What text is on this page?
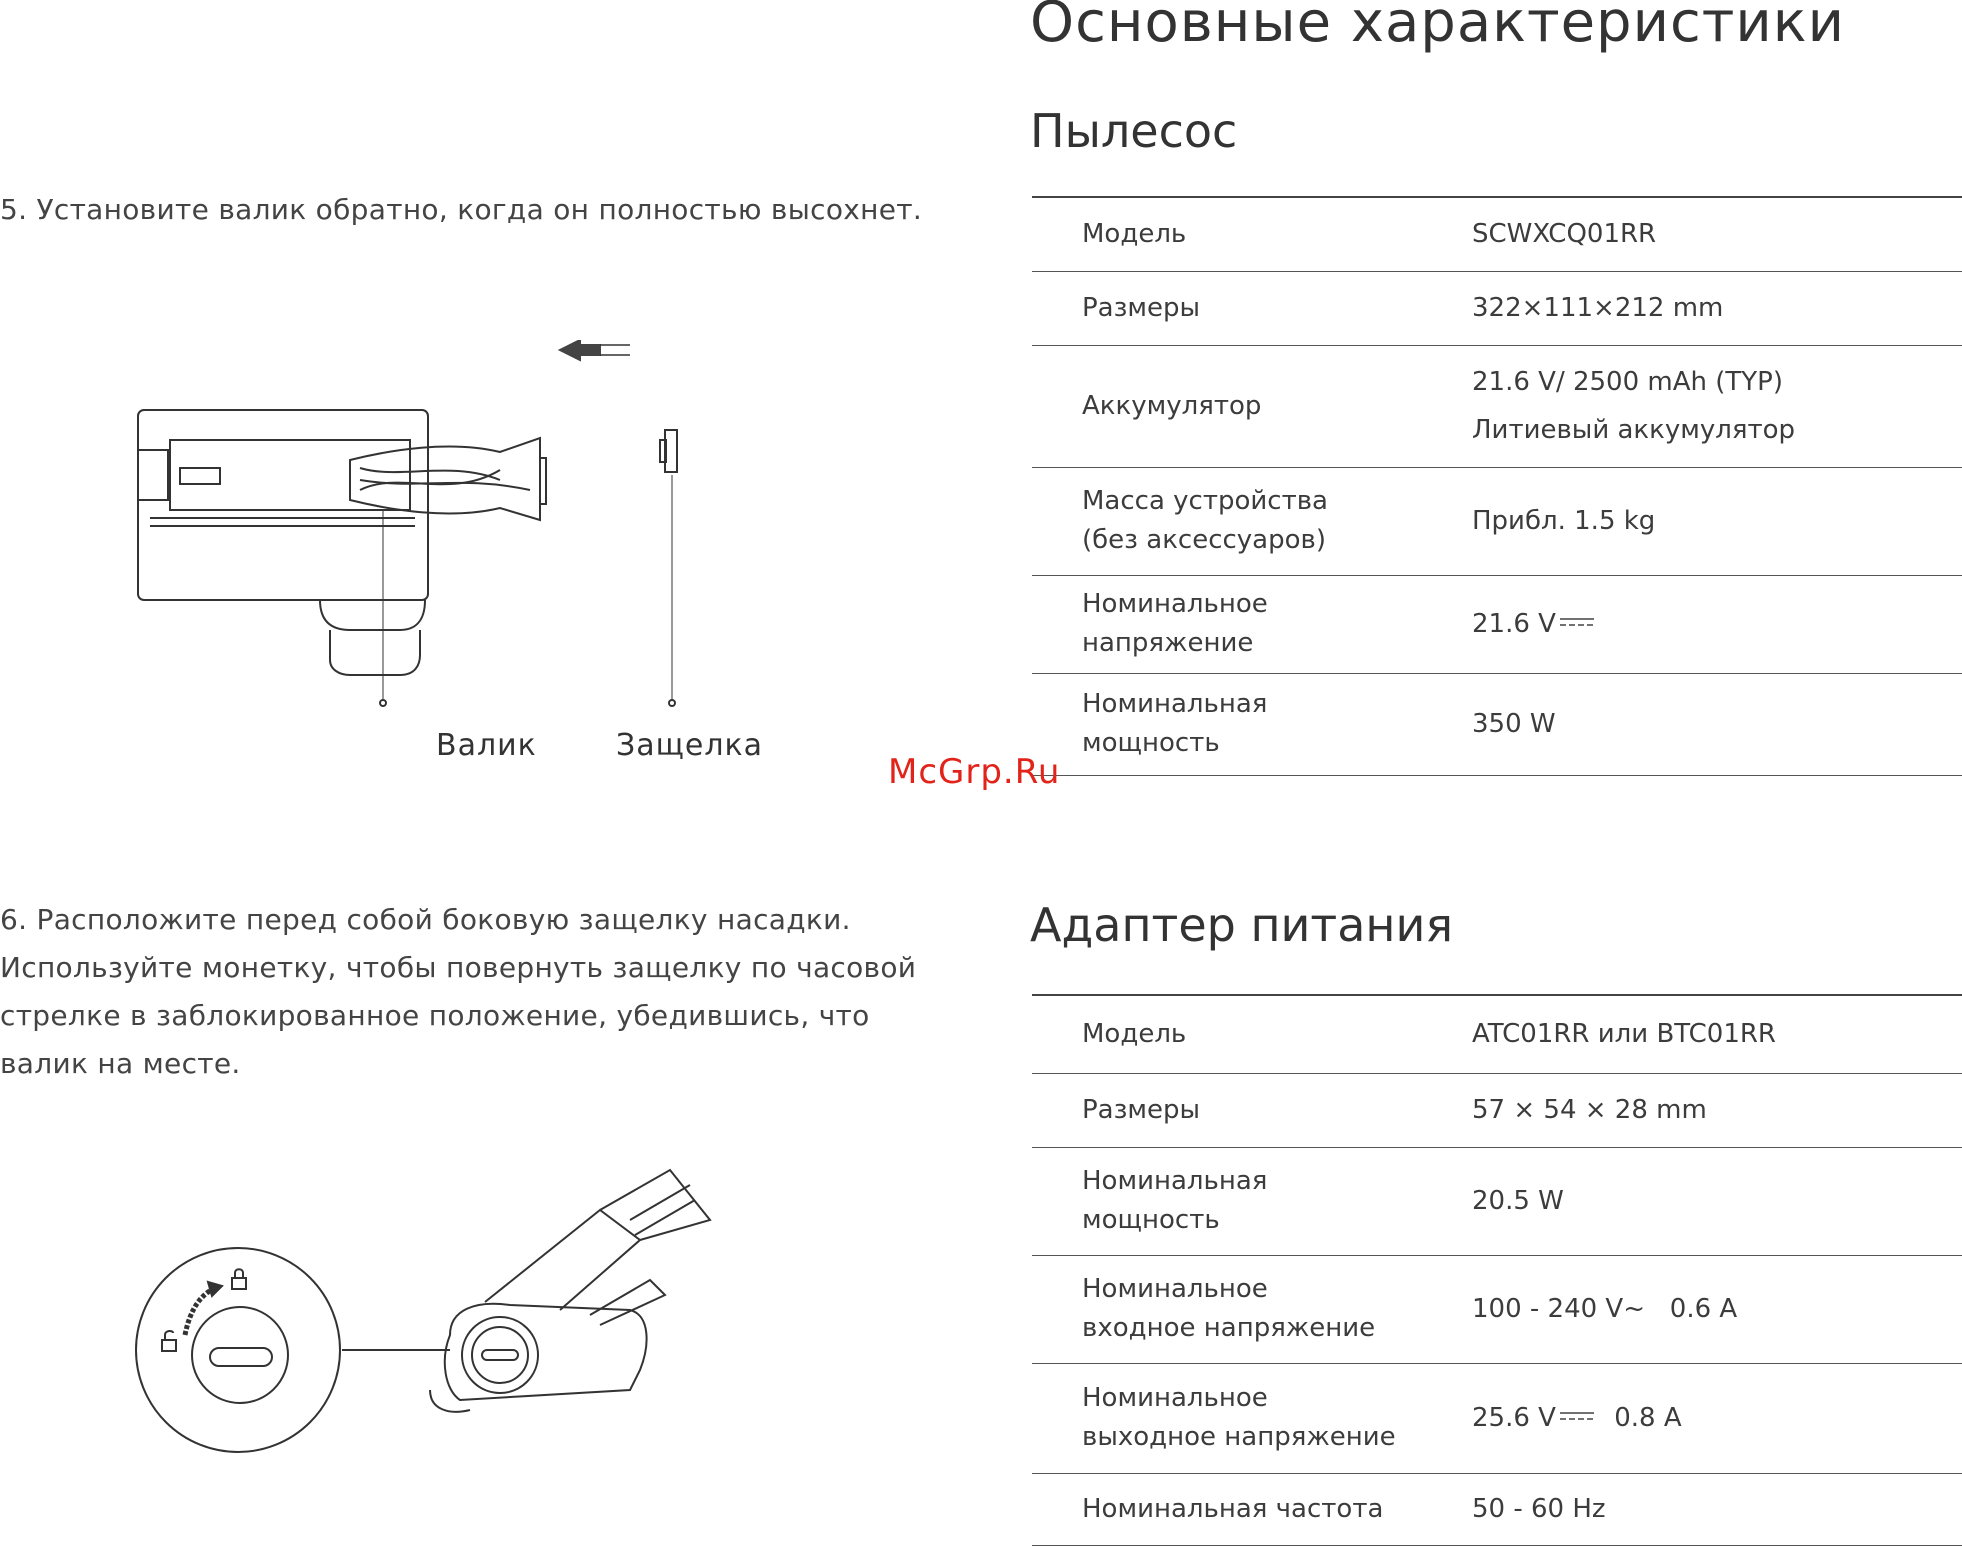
5. Установите валик обратно, когда он полностью высохнет.

Валик	Защелка

6. Расположите перед собой боковую защелку насадки. Используйте монетку, чтобы повернуть защелку по часовой стрелке в заблокированное положение, убедившись, что валик на месте.

Основные характеристики
Пылесос
Модель	SCWXCQ01RR
Размеры	322×111×212 mm
Аккумулятор	21.6 V/ 2500 mAh (TYP)
Литиевый аккумулятор

Масса устройства
(без аксессуаров)	Прибл. 1.5 kg

Номинальное
напряжение	21.6 V

Номинальная
мощность	350 W
McGrp.Ru
Адаптер питания
Модель	ATC01RR или BTC01RR
Размеры	57 × 54 × 28 mm

Номинальная
мощность	20.5 W

Номинальное
входное напряжение	100 - 240 V~   0.6 A

Номинальное
выходное напряжение	25.6 V 0.8 A
Номинальная частота	50 - 60 Hz
